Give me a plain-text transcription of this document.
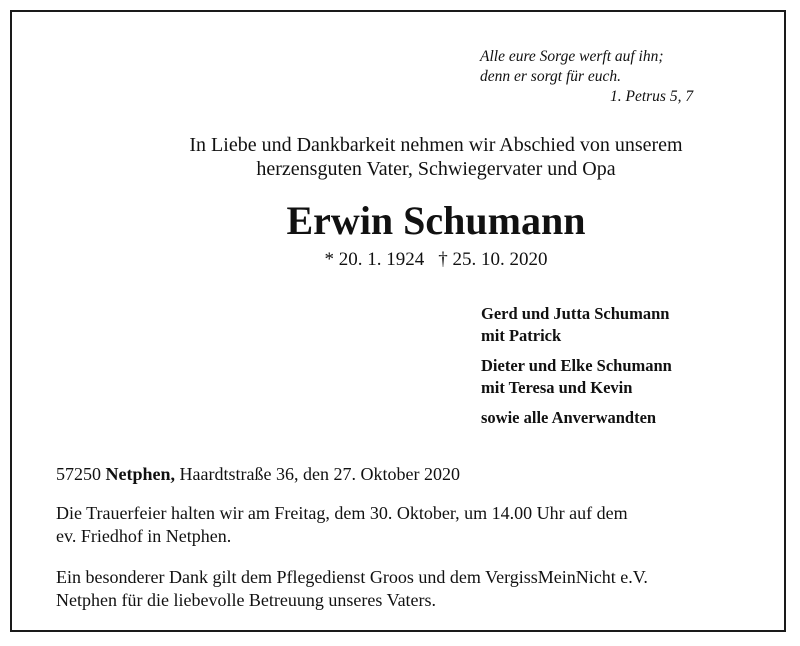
Alle eure Sorge werft auf ihn;
denn er sorgt für euch.
1. Petrus 5, 7
In Liebe und Dankbarkeit nehmen wir Abschied von unserem
herzensguten Vater, Schwiegervater und Opa
Erwin Schumann
* 20. 1. 1924 † 25. 10. 2020
Gerd und Jutta Schumann
mit Patrick
Dieter und Elke Schumann
mit Teresa und Kevin
sowie alle Anverwandten
57250 Netphen, Haardtstraße 36, den 27. Oktober 2020
Die Trauerfeier halten wir am Freitag, dem 30. Oktober, um 14.00 Uhr auf dem
ev. Friedhof in Netphen.
Ein besonderer Dank gilt dem Pflegedienst Groos und dem VergissMeinNicht e.V.
Netphen für die liebevolle Betreuung unseres Vaters.
